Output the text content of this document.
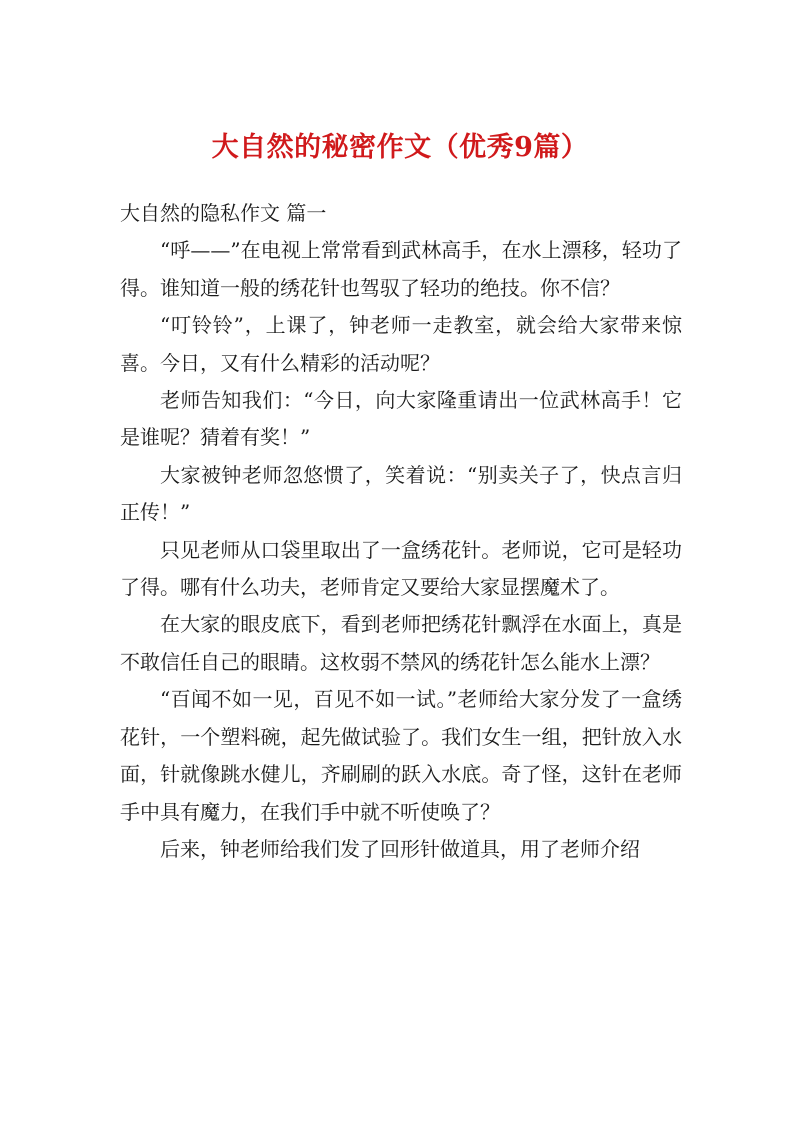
大自然的秘密作文（优秀9篇）

大自然的隐私作文 篇一

“呼——”在电视上常常看到武林高手，在水上漂移，轻功了得。谁知道一般的绣花针也驾驭了轻功的绝技。你不信？

“叮铃铃”，上课了，钟老师一走教室，就会给大家带来惊喜。今日，又有什么精彩的活动呢？

老师告知我们：“今日，向大家隆重请出一位武林高手！它是谁呢？猜着有奖！”

大家被钟老师忽悠惯了，笑着说：“别卖关子了，快点言归正传！”

只见老师从口袋里取出了一盒绣花针。老师说，它可是轻功了得。哪有什么功夫，老师肯定又要给大家显摆魔术了。

在大家的眼皮底下，看到老师把绣花针飘浮在水面上，真是不敢信任自己的眼睛。这枚弱不禁风的绣花针怎么能水上漂？

“百闻不如一见，百见不如一试。”老师给大家分发了一盒绣花针，一个塑料碗，起先做试验了。我们女生一组，把针放入水面，针就像跳水健儿，齐刷刷的跃入水底。奇了怪，这针在老师手中具有魔力，在我们手中就不听使唤了？

后来，钟老师给我们发了回形针做道具，用了老师介绍
